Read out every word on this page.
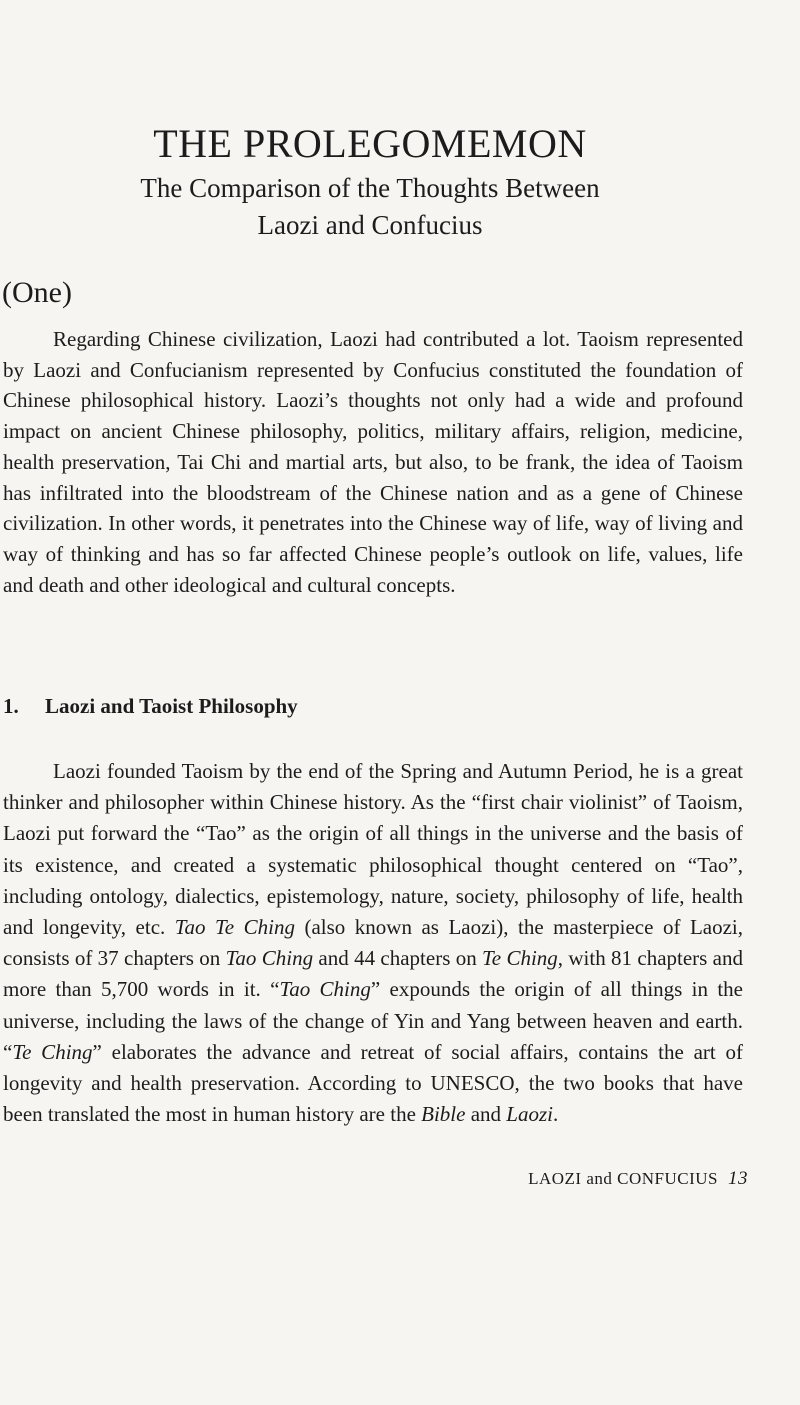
THE PROLEGOMEMON
The Comparison of the Thoughts Between
Laozi and Confucius
(One)

Regarding Chinese civilization, Laozi had contributed a lot. Taoism represented by Laozi and Confucianism represented by Confucius constituted the foundation of Chinese philosophical history. Laozi’s thoughts not only had a wide and profound impact on ancient Chinese philosophy, politics, military affairs, religion, medicine, health preservation, Tai Chi and martial arts, but also, to be frank, the idea of Taoism has infiltrated into the bloodstream of the Chinese nation and as a gene of Chinese civilization. In other words, it penetrates into the Chinese way of life, way of living and way of thinking and has so far affected Chinese people’s outlook on life, values, life and death and other ideological and cultural concepts.

1. Laozi and Taoist Philosophy

Laozi founded Taoism by the end of the Spring and Autumn Period, he is a great thinker and philosopher within Chinese history. As the “first chair violinist” of Taoism, Laozi put forward the “Tao” as the origin of all things in the universe and the basis of its existence, and created a systematic philosophical thought centered on “Tao”, including ontology, dialectics, epistemology, nature, society, philosophy of life, health and longevity, etc. Tao Te Ching (also known as Laozi), the masterpiece of Laozi, consists of 37 chapters on Tao Ching and 44 chapters on Te Ching, with 81 chapters and more than 5,700 words in it. “Tao Ching” expounds the origin of all things in the universe, including the laws of the change of Yin and Yang between heaven and earth. “Te Ching” elaborates the advance and retreat of social affairs, contains the art of longevity and health preservation. According to UNESCO, the two books that have been translated the most in human history are the Bible and Laozi.

LAOZI and CONFUCIUS 13
